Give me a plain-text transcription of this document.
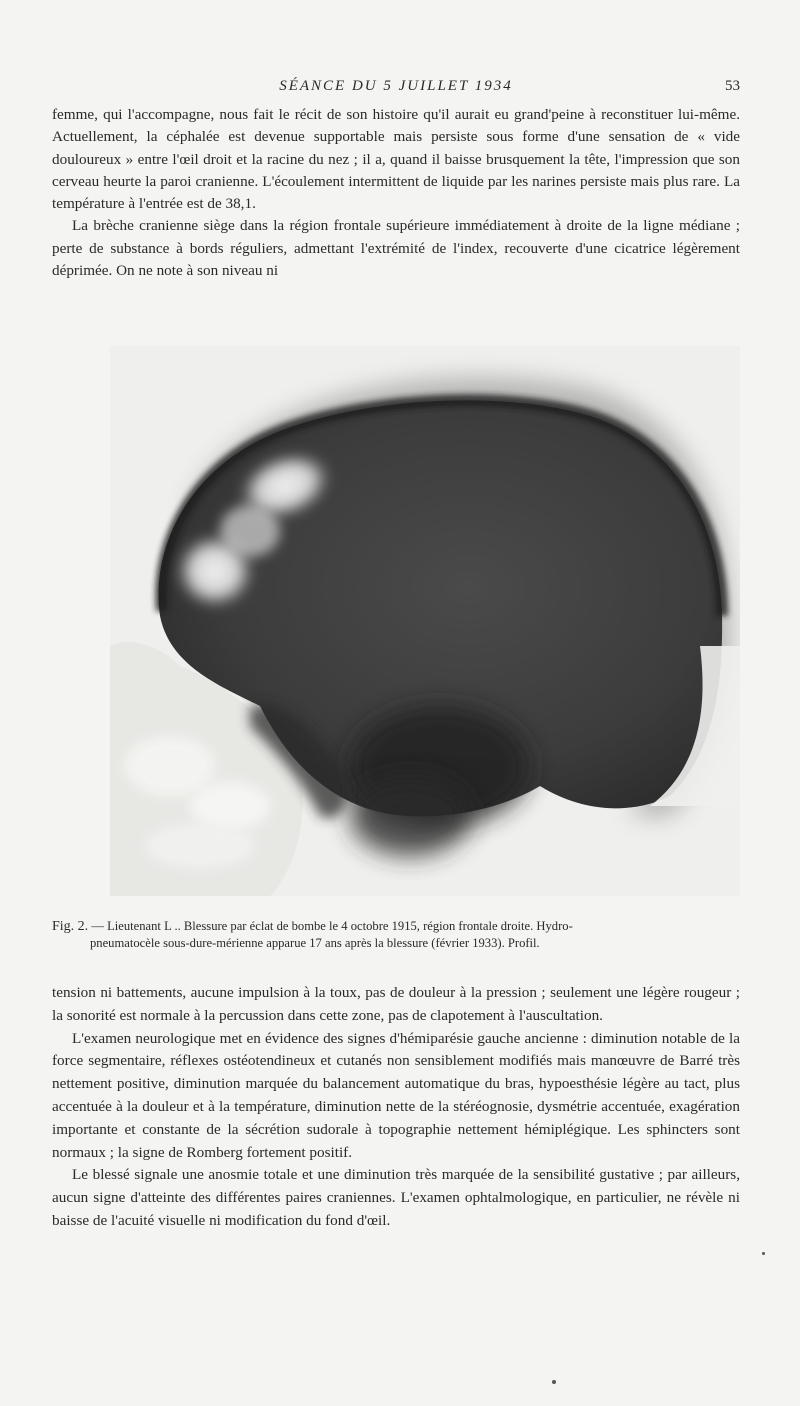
SÉANCE DU 5 JUILLET 1934	53

femme, qui l'accompagne, nous fait le récit de son histoire qu'il aurait eu grand'peine à reconstituer lui-même. Actuellement, la céphalée est devenue supportable mais persiste sous forme d'une sensation de « vide douloureux » entre l'œil droit et la racine du nez ; il a, quand il baisse brusquement la tête, l'impression que son cerveau heurte la paroi cranienne. L'écoulement intermittent de liquide par les narines persiste mais plus rare. La température à l'entrée est de 38,1.

La brèche cranienne siège dans la région frontale supérieure immédiatement à droite de la ligne médiane ; perte de substance à bords réguliers, admettant l'extrémité de l'index, recouverte d'une cicatrice légèrement déprimée. On ne note à son niveau ni

Fig. 2. — Lieutenant L .. Blessure par éclat de bombe le 4 octobre 1915, région frontale droite. Hydro-
pneumatocèle sous-dure-mérienne apparue 17 ans après la blessure (février 1933). Profil.

tension ni battements, aucune impulsion à la toux, pas de douleur à la pression ; seulement une légère rougeur ; la sonorité est normale à la percussion dans cette zone, pas de clapotement à l'auscultation.

L'examen neurologique met en évidence des signes d'hémiparésie gauche ancienne : diminution notable de la force segmentaire, réflexes ostéotendineux et cutanés non sensiblement modifiés mais manœuvre de Barré très nettement positive, diminution marquée du balancement automatique du bras, hypoesthésie légère au tact, plus accentuée à la douleur et à la température, diminution nette de la stéréognosie, dysmétrie accentuée, exagération importante et constante de la sécrétion sudorale à topographie nettement hémiplégique. Les sphincters sont normaux ; la signe de Romberg fortement positif.

Le blessé signale une anosmie totale et une diminution très marquée de la sensibilité gustative ; par ailleurs, aucun signe d'atteinte des différentes paires craniennes. L'examen ophtalmologique, en particulier, ne révèle ni baisse de l'acuité visuelle ni modification du fond d'œil.
